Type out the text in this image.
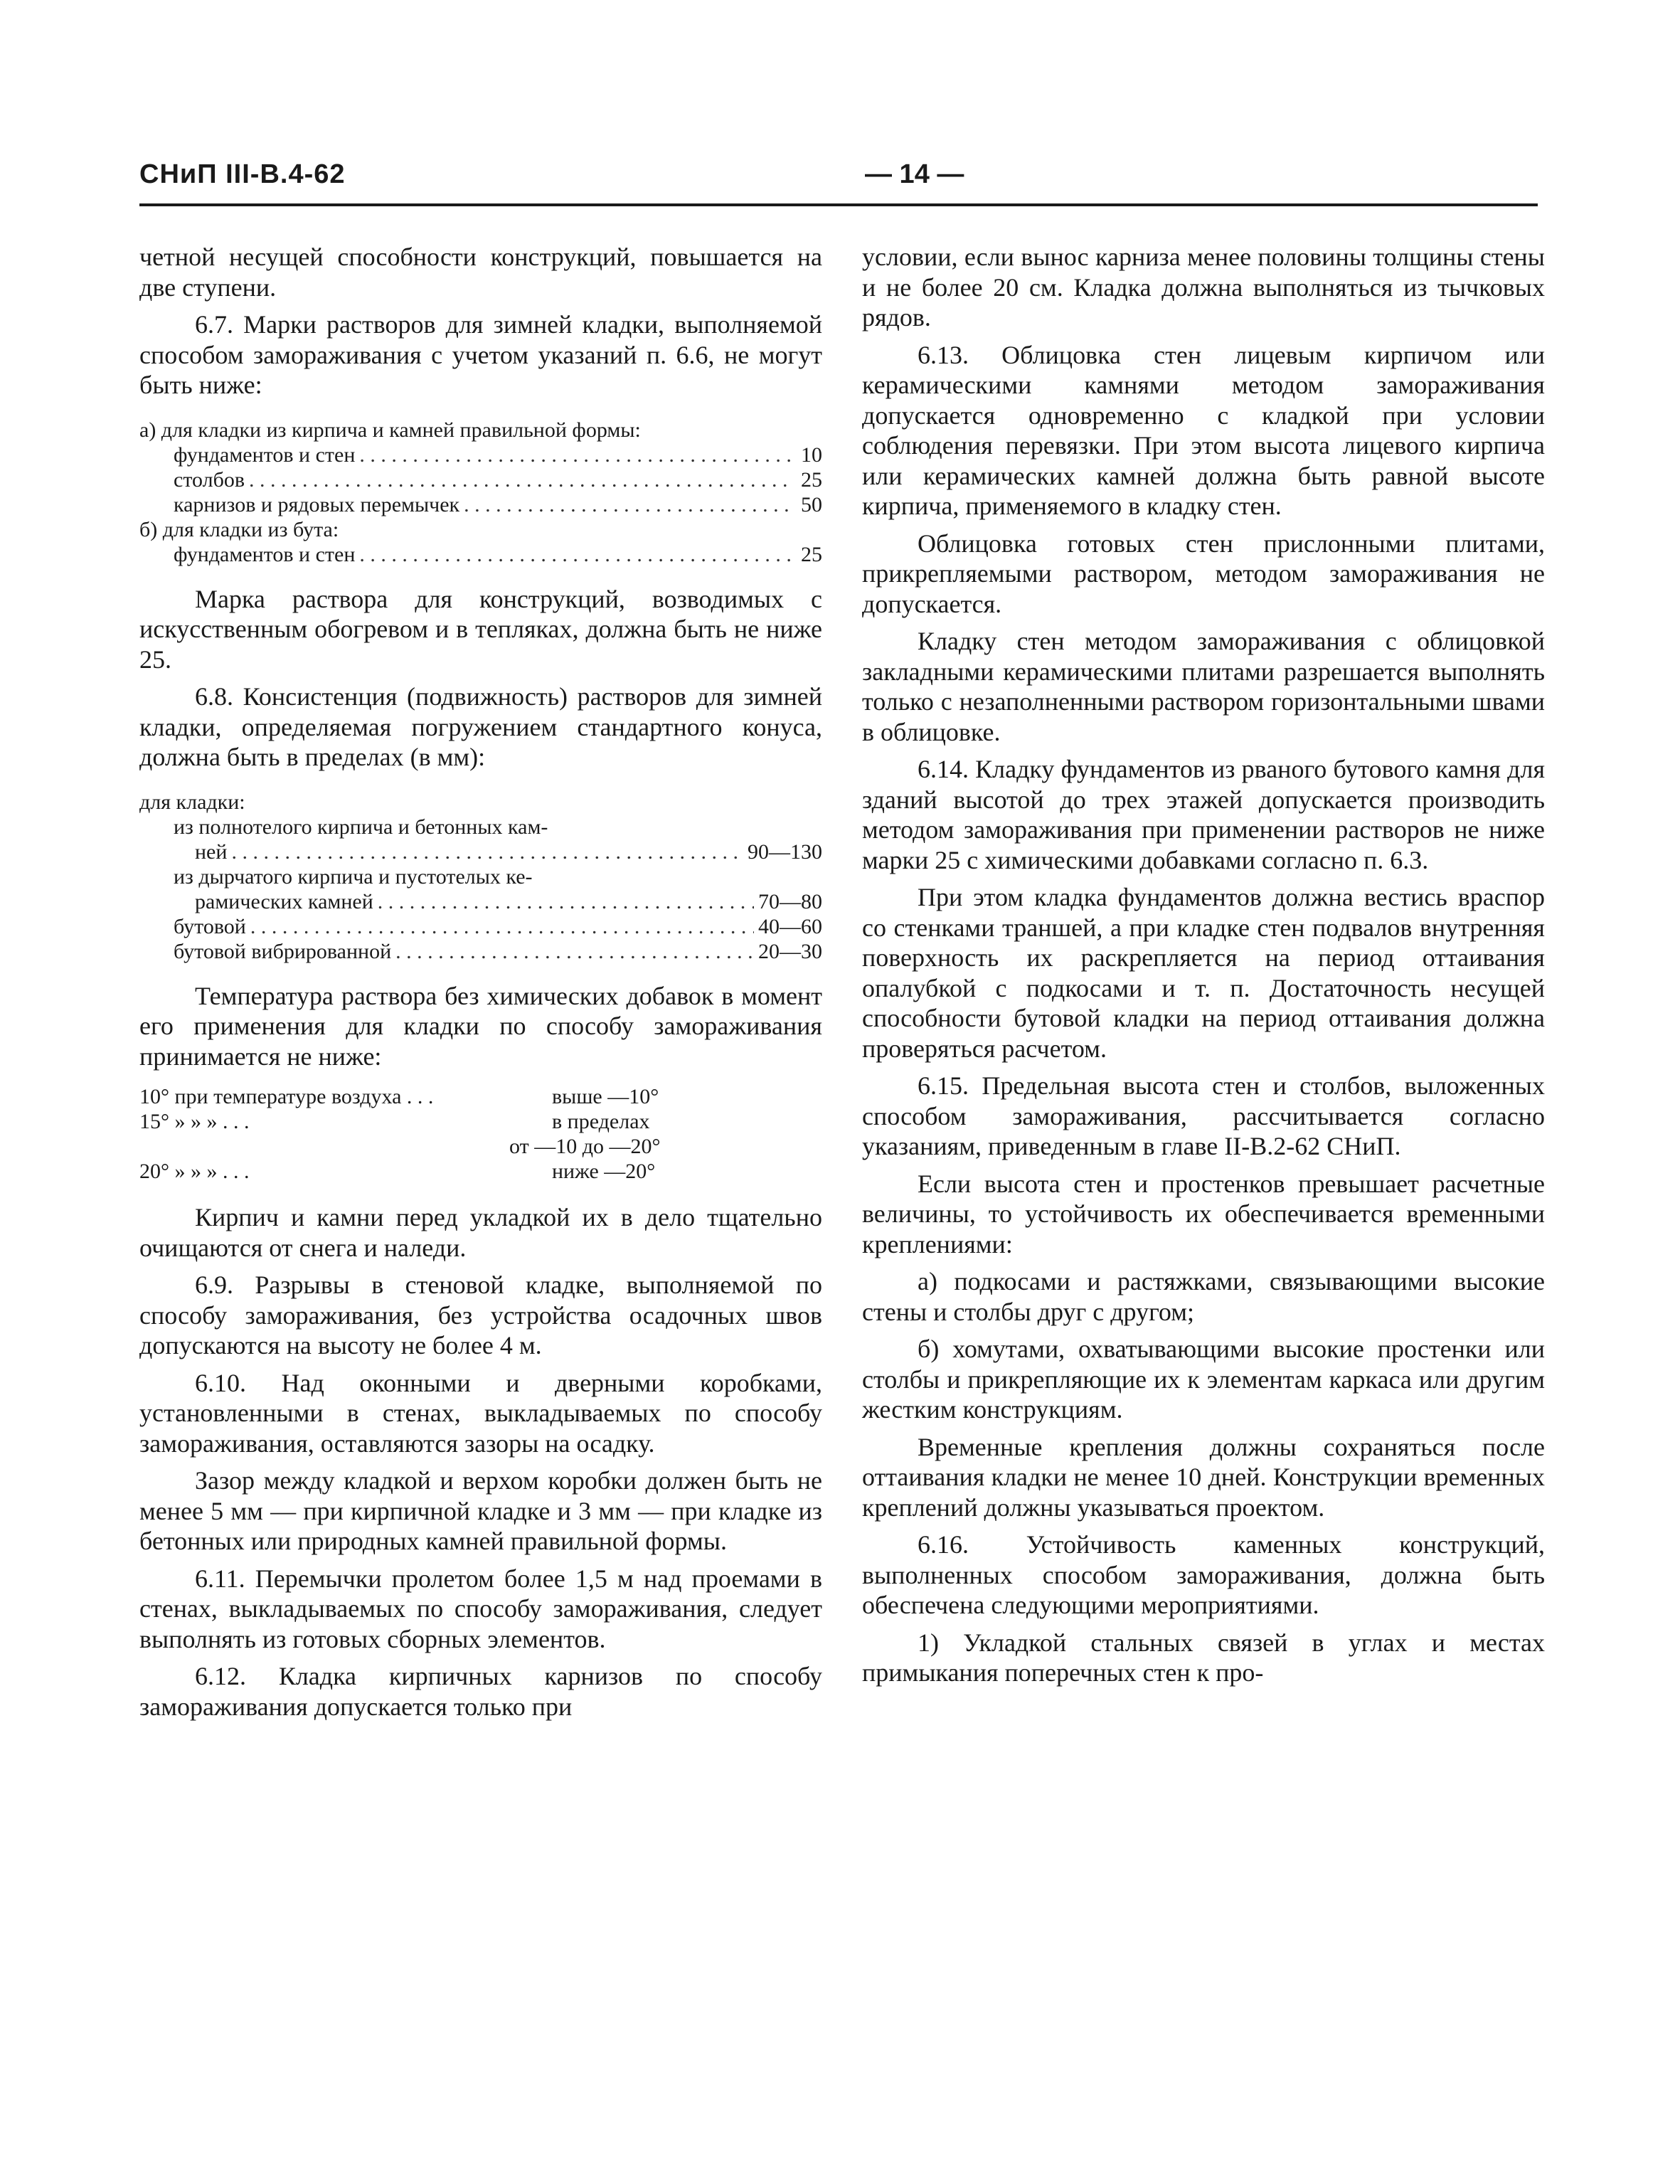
СНиП III-В.4-62	— 14 —

четной несущей способности конструкций, повышается на две ступени.

6.7. Марки растворов для зимней кладки, выполняемой способом замораживания с учетом указаний п. 6.6, не могут быть ниже:

а) для кладки из кирпича и камней правильной формы:
фундаментов и стен . . .	10
столбов . . .	25
карнизов и рядовых перемычек . . .	50
б) для кладки из бута:
фундаментов и стен . . .	25

Марка раствора для конструкций, возводимых с искусственным обогревом и в тепляках, должна быть не ниже 25.

6.8. Консистенция (подвижность) растворов для зимней кладки, определяемая погружением стандартного конуса, должна быть в пределах (в мм):

для кладки:
из полнотелого кирпича и бетонных кам-
ней . . .	90—130
из дырчатого кирпича и пустотелых ке-
рамических камней . . .	70—80
бутовой . . .	40—60
бутовой вибрированной . . .	20—30

Температура раствора без химических добавок в момент его применения для кладки по способу замораживания принимается не ниже:

10° при температуре воздуха . . .	выше —10°
15° » » » . . .	в пределах
от —10 до —20°
20° » » » . . .	ниже —20°

Кирпич и камни перед укладкой их в дело тщательно очищаются от снега и наледи.

6.9. Разрывы в стеновой кладке, выполняемой по способу замораживания, без устройства осадочных швов допускаются на высоту не более 4 м.

6.10. Над оконными и дверными коробками, установленными в стенах, выкладываемых по способу замораживания, оставляются зазоры на осадку.

Зазор между кладкой и верхом коробки должен быть не менее 5 мм — при кирпичной кладке и 3 мм — при кладке из бетонных или природных камней правильной формы.

6.11. Перемычки пролетом более 1,5 м над проемами в стенах, выкладываемых по способу замораживания, следует выполнять из готовых сборных элементов.

6.12. Кладка кирпичных карнизов по способу замораживания допускается только при

условии, если вынос карниза менее половины толщины стены и не более 20 см. Кладка должна выполняться из тычковых рядов.

6.13. Облицовка стен лицевым кирпичом или керамическими камнями методом замораживания допускается одновременно с кладкой при условии соблюдения перевязки. При этом высота лицевого кирпича или керамических камней должна быть равной высоте кирпича, применяемого в кладку стен.

Облицовка готовых стен прислонными плитами, прикрепляемыми раствором, методом замораживания не допускается.

Кладку стен методом замораживания с облицовкой закладными керамическими плитами разрешается выполнять только с незаполненными раствором горизонтальными швами в облицовке.

6.14. Кладку фундаментов из рваного бутового камня для зданий высотой до трех этажей допускается производить методом замораживания при применении растворов не ниже марки 25 с химическими добавками согласно п. 6.3.

При этом кладка фундаментов должна вестись враспор со стенками траншей, а при кладке стен подвалов внутренняя поверхность их раскрепляется на период оттаивания опалубкой с подкосами и т. п. Достаточность несущей способности бутовой кладки на период оттаивания должна проверяться расчетом.

6.15. Предельная высота стен и столбов, выложенных способом замораживания, рассчитывается согласно указаниям, приведенным в главе II-В.2-62 СНиП.

Если высота стен и простенков превышает расчетные величины, то устойчивость их обеспечивается временными креплениями:

а) подкосами и растяжками, связывающими высокие стены и столбы друг с другом;

б) хомутами, охватывающими высокие простенки или столбы и прикрепляющие их к элементам каркаса или другим жестким конструкциям.

Временные крепления должны сохраняться после оттаивания кладки не менее 10 дней. Конструкции временных креплений должны указываться проектом.

6.16. Устойчивость каменных конструкций, выполненных способом замораживания, должна быть обеспечена следующими мероприятиями.

1) Укладкой стальных связей в углах и местах примыкания поперечных стен к про-
